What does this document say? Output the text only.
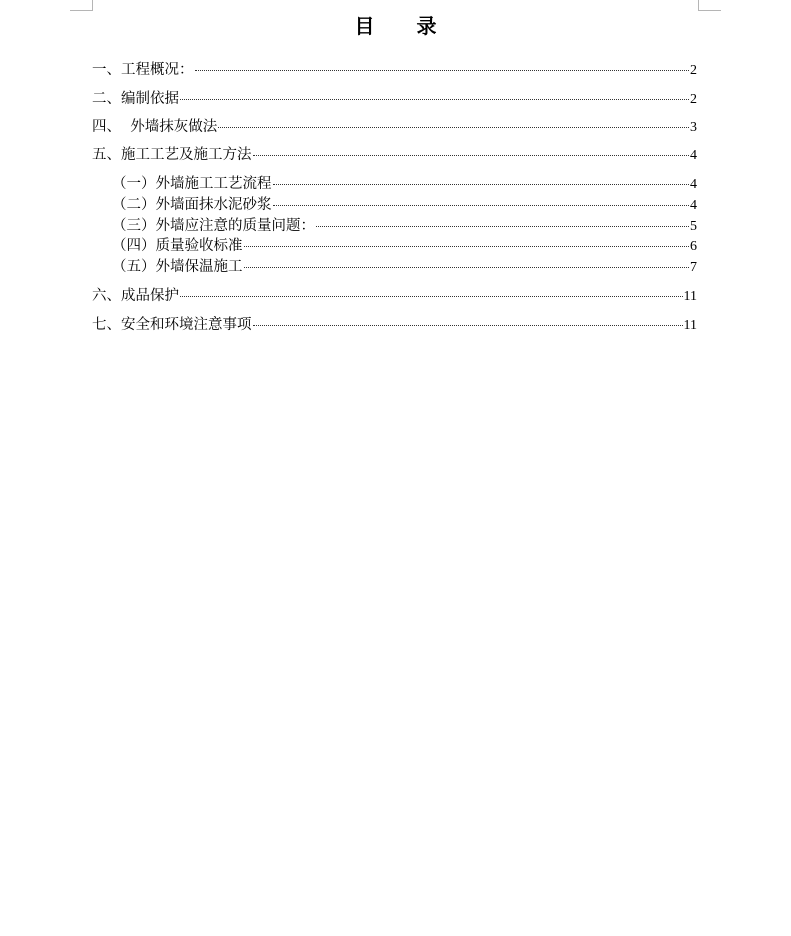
目 录
一、工程概况：	2
二、编制依据	2
四、  外墙抹灰做法	3
五、施工工艺及施工方法	4
（一）外墙施工工艺流程	4
（二）外墙面抹水泥砂浆	4
（三）外墙应注意的质量问题：	5
（四）质量验收标准	6
（五）外墙保温施工	7
六、成品保护	11
七、安全和环境注意事项	11
